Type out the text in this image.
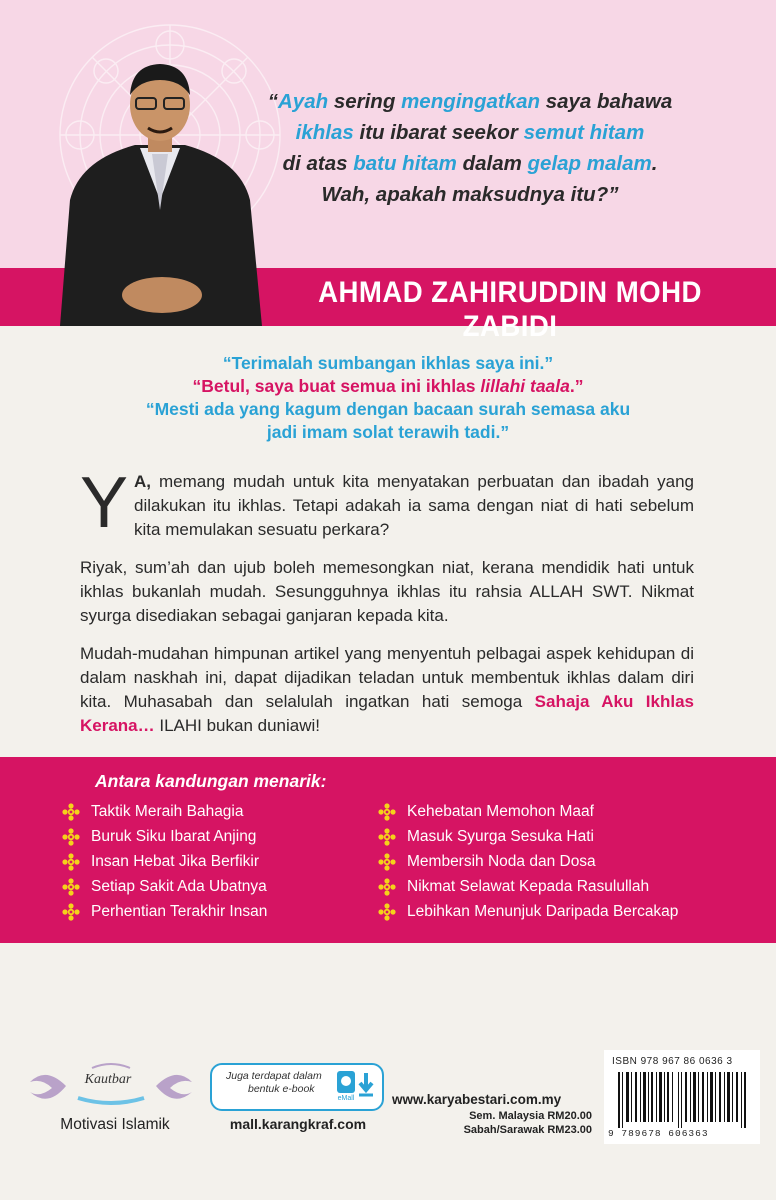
“Ayah sering mengingatkan saya bahawa
ikhlas itu ibarat seekor semut hitam
di atas batu hitam dalam gelap malam.
Wah, apakah maksudnya itu?”
AHMAD ZAHIRUDDIN MOHD ZABIDI
“Terimalah sumbangan ikhlas saya ini.”
“Betul, saya buat semua ini ikhlas lillahi taala.”
“Mesti ada yang kagum dengan bacaan surah semasa aku
jadi imam solat terawih tadi.”

Y A, memang mudah untuk kita menyatakan perbuatan dan ibadah yang dilakukan itu ikhlas. Tetapi adakah ia sama dengan niat di hati sebelum kita memulakan sesuatu perkara?

Riyak, sum’ah dan ujub boleh memesongkan niat, kerana mendidik hati untuk ikhlas bukanlah mudah. Sesungguhnya ikhlas itu rahsia ALLAH SWT. Nikmat syurga disediakan sebagai ganjaran kepada kita.

Mudah-mudahan himpunan artikel yang menyentuh pelbagai aspek kehidupan di dalam naskhah ini, dapat dijadikan teladan untuk membentuk ikhlas dalam diri kita. Muhasabah dan selalulah ingatkan hati semoga Sahaja Aku Ikhlas Kerana… ILAHI bukan duniawi!

Antara kandungan menarik:
Taktik Meraih Bahagia
Buruk Siku Ibarat Anjing
Insan Hebat Jika Berfikir
Setiap Sakit Ada Ubatnya
Perhentian Terakhir Insan
Kehebatan Memohon Maaf
Masuk Syurga Sesuka Hati
Membersih Noda dan Dosa
Nikmat Selawat Kepada Rasulullah
Lebihkan Menunjuk Daripada Bercakap
Kautbar
Motivasi Islamik
Juga terdapat dalam
bentuk e-book
eMall
mall.karangkraf.com
www.karyabestari.com.my
Sem. Malaysia RM20.00
Sabah/Sarawak RM23.00
ISBN 978 967 86 0636 3
9 789678 606363
